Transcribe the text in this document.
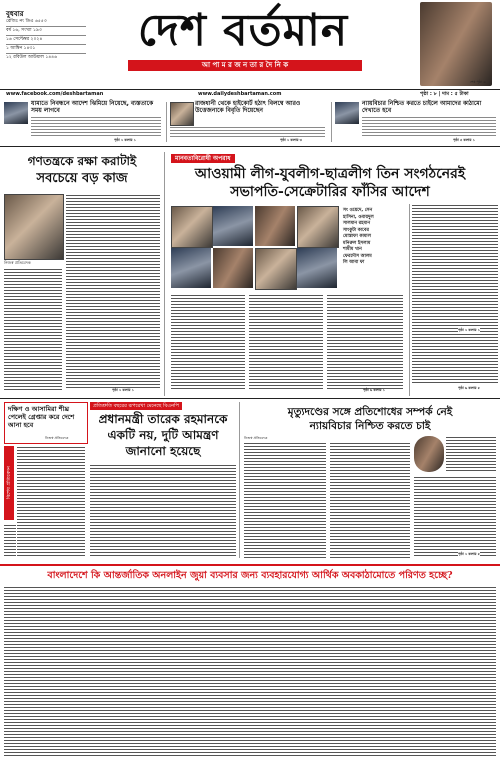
বুধবার
রেজিঃ নং ডিএ ৬৫৫৩
বর্ষ ১৬, সংখ্যা ১৯৩
১৬ সেপ্টেম্বর ২০২৪
১ আশ্বিন ১৪৩১
১২ রবিউল আউয়াল ১৪৪৬
দেশ বর্তমান
আ পা ম র জ ন তা র দৈ নি ক
শেষ পৃষ্ঠা ৬
www.facebook.com/deshbartaman	www.dailydeshbartaman.com	পৃষ্ঠা : ৮ | দাম : ৫ টাকা
যামাতে নিবন্ধনে আদেশ ঝিমিয়ে নিয়েছে, ব্যস্ততাকে সময় লাগবে
পৃষ্ঠা ২ কলাম ১
রাজধানী থেকে হাইকোর্ট হঠাৎ বিলম্বে আরও উত্তেজনাকে বিবৃতি দিয়েছেন
পৃষ্ঠা ২ কলাম ৩
ন্যায়বিচার নিশ্চিত করতে চাইলে আমাদের কাঠামো দেখাতে হবে
পৃষ্ঠা ৫ কলাম ১
গণতন্ত্রকে রক্ষা করাটাই
সবচেয়ে বড় কাজ
নিজস্ব প্রতিবেদক
পৃষ্ঠা ২ কলাম ১
মানবতাবিরোধী অপরাধ
আওয়ামী লীগ-যুবলীগ-ছাত্রলীগ তিন সংগঠনেরই
সভাপতি-সেক্রেটারির ফাঁসির আদেশ
সং ওয়েদে, সেন
হাসিনা, ওবায়দুল
সালমান রহমান
সাংকুটা কাবের
মোস্তাফা কামাল
মনিরুল ইসলাম
শামীম খান
ফেরদৌস আলম
লি আবা ফা
পৃষ্ঠা ৬ কলাম ১
পৃষ্ঠা ২ কলাম ১
পৃষ্ঠা ৬ কলাম ৫
দক্ষিণ ও আসামিরা শীঘ্র পেলেই গ্রেপ্তার করে দেশে আনা হবে
নিজস্ব প্রতিবেদক
বিশেষ প্রতিবেদন
প্রতিশ্রুতি বছরের রূপরেখা মেনেছে বিএনপি
প্রধানমন্ত্রী তারেক রহমানকে
একটি নয়, দুটি আমন্ত্রণ
জানানো হয়েছে
মৃত্যুদণ্ডের সঙ্গে প্রতিশোধের সম্পর্ক নেই
ন্যায়বিচার নিশ্চিত করতে চাই
নিজস্ব প্রতিবেদক
পৃষ্ঠা ২ কলাম ৫
বাংলাদেশে কি আন্তর্জাতিক অনলাইন জুয়া ব্যবসার জন্য ব্যবহারযোগ্য আর্থিক অবকাঠামোতে পরিণত হচ্ছে?
